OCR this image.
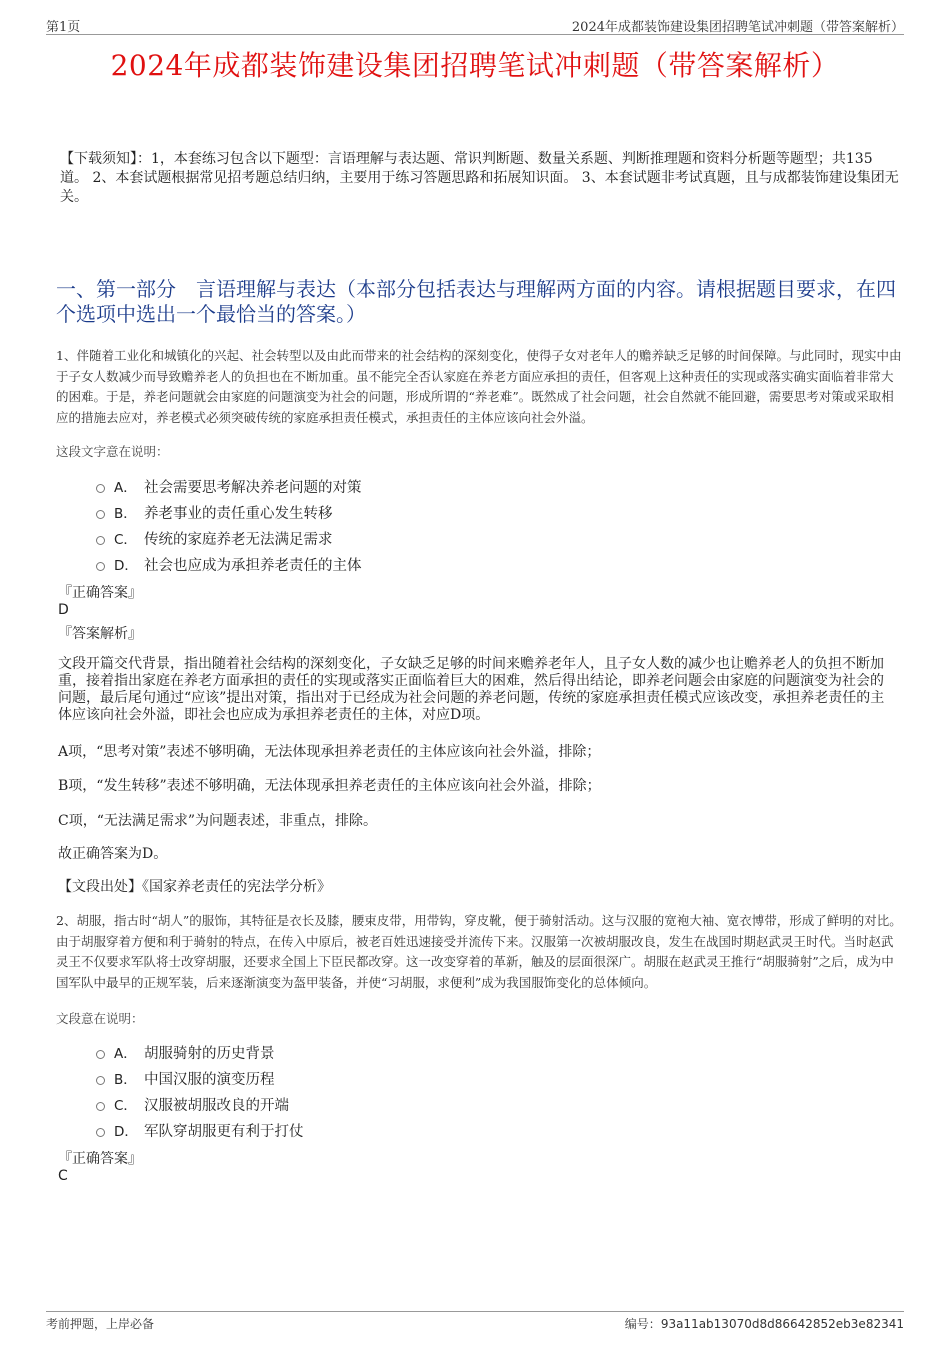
第1页	2024年成都装饰建设集团招聘笔试冲刺题（带答案解析）
2024年成都装饰建设集团招聘笔试冲刺题（带答案解析）
【下载须知】：1，本套练习包含以下题型：言语理解与表达题、常识判断题、数量关系题、判断推理题和资料分析题等题型；共135道。 2、本套试题根据常见招考题总结归纳，主要用于练习答题思路和拓展知识面。 3、本套试题非考试真题，且与成都装饰建设集团无关。
一、第一部分　言语理解与表达（本部分包括表达与理解两方面的内容。请根据题目要求，在四个选项中选出一个最恰当的答案。）
1、伴随着工业化和城镇化的兴起、社会转型以及由此而带来的社会结构的深刻变化，使得子女对老年人的赡养缺乏足够的时间保障。与此同时，现实中由于子女人数减少而导致赡养老人的负担也在不断加重。虽不能完全否认家庭在养老方面应承担的责任，但客观上这种责任的实现或落实确实面临着非常大的困难。于是，养老问题就会由家庭的问题演变为社会的问题，形成所谓的“养老难”。既然成了社会问题，社会自然就不能回避，需要思考对策或采取相应的措施去应对，养老模式必须突破传统的家庭承担责任模式，承担责任的主体应该向社会外溢。
这段文字意在说明：
A． 社会需要思考解决养老问题的对策
B． 养老事业的责任重心发生转移
C． 传统的家庭养老无法满足需求
D． 社会也应成为承担养老责任的主体
『正确答案』
D
『答案解析』
文段开篇交代背景，指出随着社会结构的深刻变化，子女缺乏足够的时间来赡养老年人，且子女人数的减少也让赡养老人的负担不断加重，接着指出家庭在养老方面承担的责任的实现或落实正面临着巨大的困难，然后得出结论，即养老问题会由家庭的问题演变为社会的问题，最后尾句通过“应该”提出对策，指出对于已经成为社会问题的养老问题，传统的家庭承担责任模式应该改变，承担养老责任的主体应该向社会外溢，即社会也应成为承担养老责任的主体，对应D项。
A项，“思考对策”表述不够明确，无法体现承担养老责任的主体应该向社会外溢，排除；
B项，“发生转移”表述不够明确，无法体现承担养老责任的主体应该向社会外溢，排除；
C项，“无法满足需求”为问题表述，非重点，排除。
故正确答案为D。
【文段出处】《国家养老责任的宪法学分析》
2、胡服，指古时“胡人”的服饰，其特征是衣长及膝，腰束皮带，用带钩，穿皮靴，便于骑射活动。这与汉服的宽袍大袖、宽衣博带，形成了鲜明的对比。由于胡服穿着方便和利于骑射的特点，在传入中原后，被老百姓迅速接受并流传下来。汉服第一次被胡服改良，发生在战国时期赵武灵王时代。当时赵武灵王不仅要求军队将士改穿胡服，还要求全国上下臣民都改穿。这一改变穿着的革新，触及的层面很深广。胡服在赵武灵王推行“胡服骑射”之后，成为中国军队中最早的正规军装，后来逐渐演变为盔甲装备，并使“习胡服，求便利”成为我国服饰变化的总体倾向。
文段意在说明：
A． 胡服骑射的历史背景
B． 中国汉服的演变历程
C． 汉服被胡服改良的开端
D． 军队穿胡服更有利于打仗
『正确答案』
C
考前押题，上岸必备	编号：93a11ab13070d8d86642852eb3e82341
